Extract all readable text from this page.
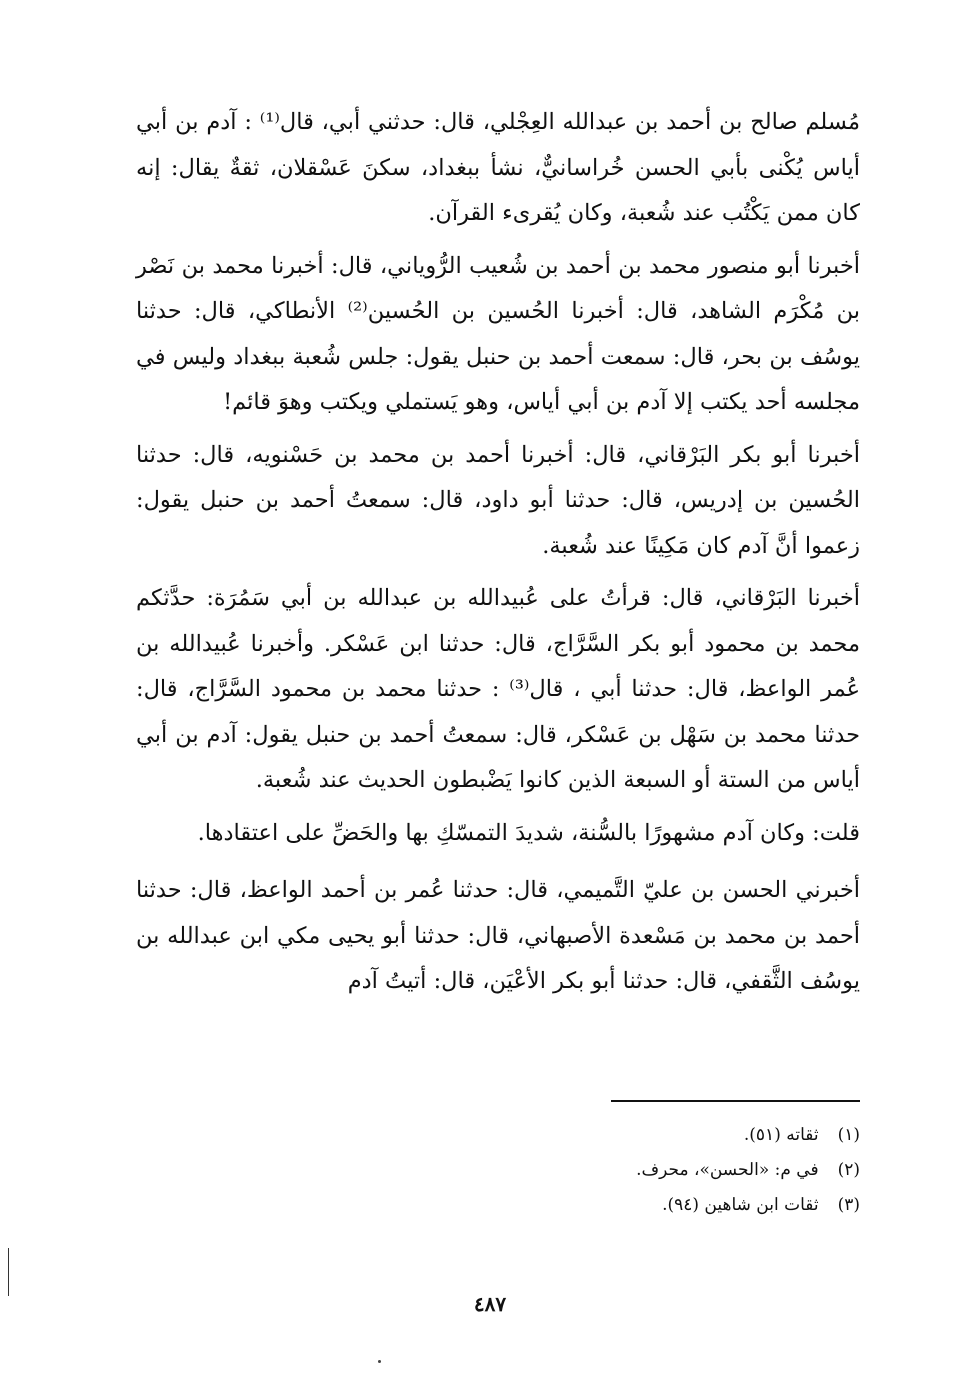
مُسلم صالح بن أحمد بن عبدالله العِجْلي، قال: حدثني أبي، قال⁽¹⁾ : آدم بن أبي أياس يُكْنى بأبي الحسن خُراسانيٌّ، نشأ ببغداد، سكنَ عَسْقلان، ثقةٌ يقال: إنه كان ممن يَكْتُب عند شُعبة، وكان يُقرىء القرآن.

أخبرنا أبو منصور محمد بن أحمد بن شُعيب الرُّوياني، قال: أخبرنا محمد بن نَصْر بن مُكْرَم الشاهد، قال: أخبرنا الحُسين بن الحُسين⁽²⁾ الأنطاكي، قال: حدثنا يوسُف بن بحر، قال: سمعت أحمد بن حنبل يقول: جلس شُعبة ببغداد وليس في مجلسه أحد يكتب إلا آدم بن أبي أياس، وهو يَستملي ويكتب وهوَ قائم!

أخبرنا أبو بكر البَرْقاني، قال: أخبرنا أحمد بن محمد بن حَسْنويه، قال: حدثنا الحُسين بن إدريس، قال: حدثنا أبو داود، قال: سمعتُ أحمد بن حنبل يقول: زعموا أنَّ آدم كان مَكِينًا عند شُعبة.

أخبرنا البَرْقاني، قال: قرأتُ على عُبيدالله بن عبدالله بن أبي سَمُرَة: حدَّثكم محمد بن محمود أبو بكر السَّرَّاج، قال: حدثنا ابن عَسْكر. وأخبرنا عُبيدالله بن عُمر الواعظ، قال: حدثنا أبي ، قال⁽³⁾ : حدثنا محمد بن محمود السَّرَّاج، قال: حدثنا محمد بن سَهْل بن عَسْكر، قال: سمعتُ أحمد بن حنبل يقول: آدم بن أبي أياس من الستة أو السبعة الذين كانوا يَضْبطون الحديث عند شُعبة.

قلت: وكان آدم مشهورًا بالسُّنة، شديدَ التمسّكِ بها والحَضِّ على اعتقادها.

أخبرني الحسن بن عليّ التَّميمي، قال: حدثنا عُمر بن أحمد الواعظ، قال: حدثنا أحمد بن محمد بن مَسْعدة الأصبهاني، قال: حدثنا أبو يحيى مكي ابن عبدالله بن يوسُف الثَّقفي، قال: حدثنا أبو بكر الأعْيَن، قال: أتيتُ آدم

(١) ثقاته (٥١).
(٢) في م: «الحسن»، محرف.
(٣) ثقات ابن شاهين (٩٤).
٤٨٧
